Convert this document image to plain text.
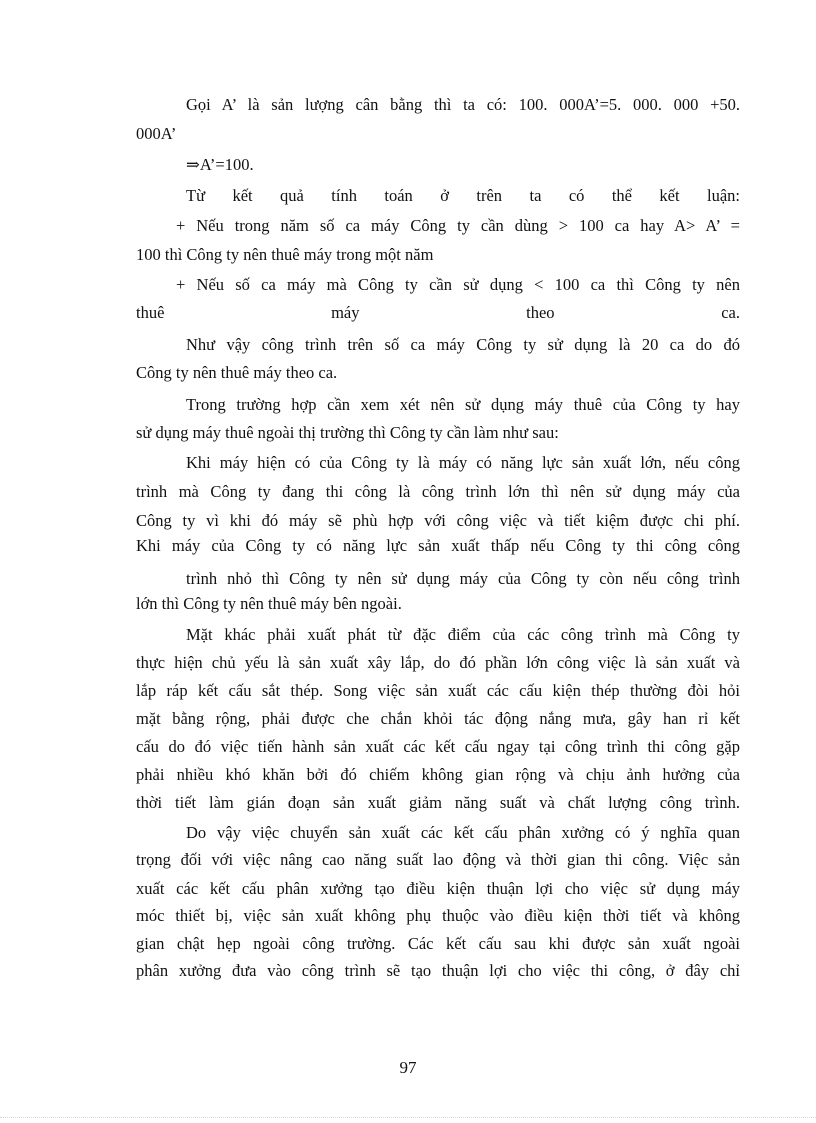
Gọi A’ là sản lượng cân bằng thì ta có: 100. 000A’=5. 000. 000 +50.
000A’
⇒A’=100.
Từ kết quả tính toán ở trên ta có thể kết luận:
+ Nếu trong năm số ca máy Công ty cần dùng > 100 ca hay A> A’ =
100 thì Công ty nên thuê máy trong một năm
+ Nếu số ca máy mà Công ty cần sử dụng < 100 ca thì Công ty nên
thuê máy theo ca.
Như vậy công trình trên số ca máy Công ty sử dụng là 20 ca do đó
Công ty nên thuê máy theo ca.
Trong trường hợp cần xem xét nên sử dụng máy thuê của Công ty hay
sử dụng máy thuê ngoài thị trường thì Công ty cần làm như sau:
Khi máy hiện có của Công ty là máy có năng lực sản xuất lớn, nếu công
trình mà Công ty đang thi công là công trình lớn thì nên sử dụng máy của
Công ty vì khi đó máy sẽ phù hợp với công việc và tiết kiệm được chi phí.
Khi máy của Công ty có năng lực sản xuất thấp nếu Công ty thi công công
trình nhỏ thì Công ty nên sử dụng máy của Công ty còn nếu công trình
lớn thì Công ty nên thuê máy bên ngoài.
Mặt khác phải xuất phát từ đặc điểm của các công trình mà Công ty
thực hiện chủ yếu là sản xuất xây lắp, do đó phần lớn công việc là sản xuất và
lắp ráp kết cấu sắt thép. Song việc sản xuất các cấu kiện thép thường đòi hỏi
mặt bằng rộng, phải được che chắn khỏi tác động nắng mưa, gây han rỉ kết
cấu do đó việc tiến hành sản xuất các kết cấu ngay tại công trình thi công gặp
phải nhiều khó khăn bởi đó chiếm không gian rộng và chịu ảnh hưởng của
thời tiết làm gián đoạn sản xuất giảm năng suất và chất lượng công trình.
Do vậy việc chuyển sản xuất các kết cấu phân xưởng có ý nghĩa quan
trọng đối với việc nâng cao năng suất lao động và thời gian thi công. Việc sản
xuất các kết cấu phân xưởng tạo điều kiện thuận lợi cho việc sử dụng máy
móc thiết bị, việc sản xuất không phụ thuộc vào điều kiện thời tiết và không
gian chật hẹp ngoài công trường. Các kết cấu sau khi được sản xuất ngoài
phân xưởng đưa vào công trình sẽ tạo thuận lợi cho việc thi công, ở đây chỉ
97
